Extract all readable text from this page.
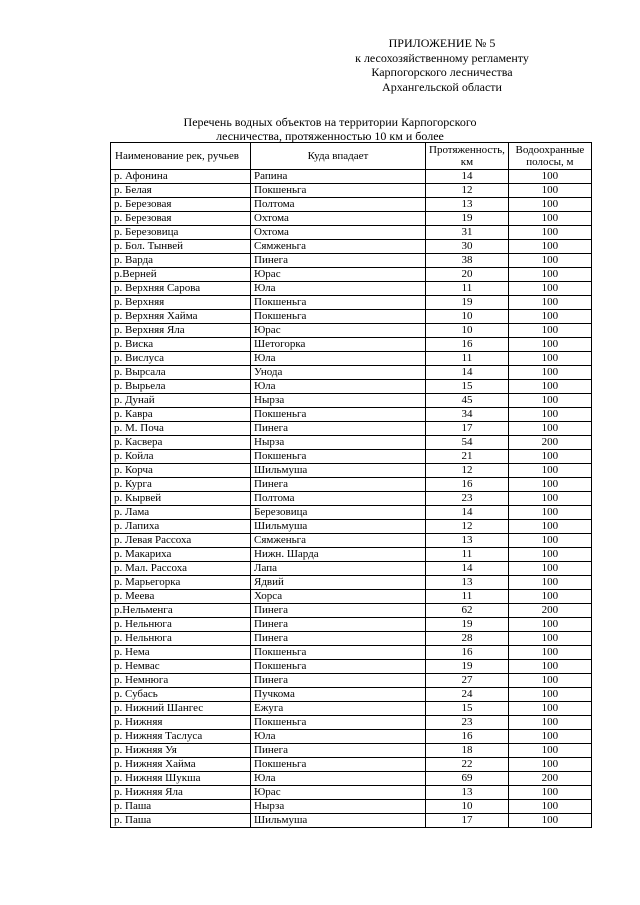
ПРИЛОЖЕНИЕ № 5
к лесохозяйственному регламенту
Карпогорского лесничества
Архангельской области
Перечень водных объектов на территории Карпогорского
лесничества, протяженностью 10 км и более
Наименование рек, ручьев	Куда впадает	Протяженность, км	Водоохранные полосы, м
р. Афонина	Рапина	14	100
р. Белая	Покшеньга	12	100
р. Березовая	Полтома	13	100
р. Березовая	Охтома	19	100
р. Березовица	Охтома	31	100
р. Бол. Тынвей	Сямженьга	30	100
р. Варда	Пинега	38	100
р.Верней	Юрас	20	100
р. Верхняя Сарова	Юла	11	100
р. Верхняя	Покшеньга	19	100
р. Верхняя Хайма	Покшеньга	10	100
р. Верхняя Яла	Юрас	10	100
р. Виска	Шетогорка	16	100
р. Вислуса	Юла	11	100
р. Вырсала	Унода	14	100
р. Вырьела	Юла	15	100
р. Дунай	Нырза	45	100
р. Кавра	Покшеньга	34	100
р. М. Поча	Пинега	17	100
р. Касвера	Нырза	54	200
р. Койла	Покшеньга	21	100
р. Корча	Шильмуша	12	100
р. Курга	Пинега	16	100
р. Кырвей	Полтома	23	100
р. Лама	Березовица	14	100
р. Лапиха	Шильмуша	12	100
р. Левая Рассоха	Сямженьга	13	100
р. Макариха	Нижн. Шарда	11	100
р. Мал. Рассоха	Лапа	14	100
р. Марьегорка	Ядвий	13	100
р. Меева	Хорса	11	100
р.Нельменга	Пинега	62	200
р. Нельнюга	Пинега	19	100
р. Нельнюга	Пинега	28	100
р. Нема	Покшеньга	16	100
р. Немвас	Покшеньга	19	100
р. Немнюга	Пинега	27	100
р. Субась	Пучкома	24	100
р. Нижний Шангес	Ежуга	15	100
р. Нижняя	Покшеньга	23	100
р. Нижняя Таслуса	Юла	16	100
р. Нижняя Уя	Пинега	18	100
р. Нижняя Хайма	Покшеньга	22	100
р. Нижняя Шукша	Юла	69	200
р. Нижняя Яла	Юрас	13	100
р. Паша	Нырза	10	100
р. Паша	Шильмуша	17	100
